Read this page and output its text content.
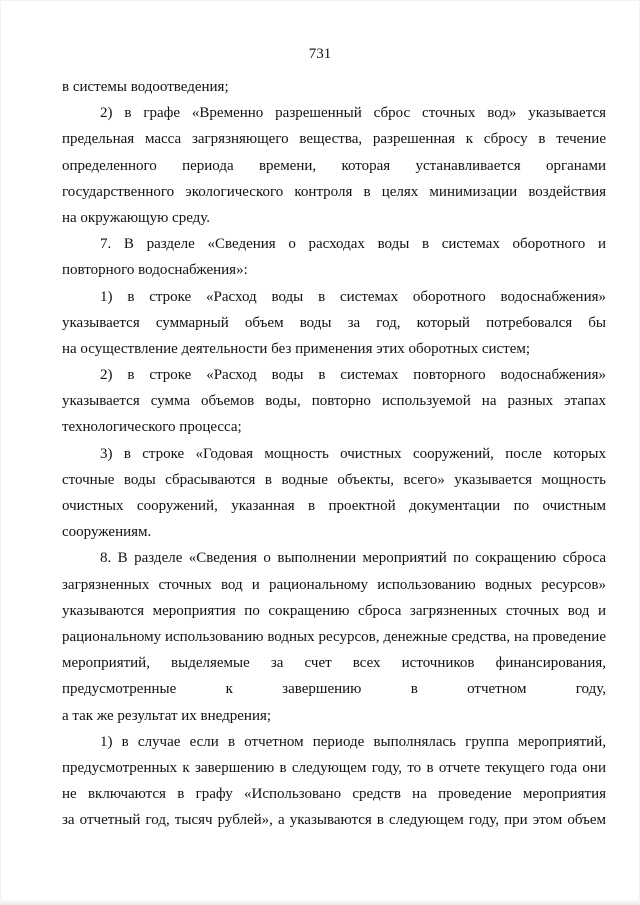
731
в системы водоотведения;
2) в графе «Временно разрешенный сброс сточных вод» указывается
предельная масса загрязняющего вещества, разрешенная к сбросу в течение
определенного периода времени, которая устанавливается органами
государственного экологического контроля в целях минимизации воздействия
на окружающую среду.
7. В разделе «Сведения о расходах воды в системах оборотного и
повторного водоснабжения»:
1) в строке «Расход воды в системах оборотного водоснабжения»
указывается суммарный объем воды за год, который потребовался бы
на осуществление деятельности без применения этих оборотных систем;
2) в строке «Расход воды в системах повторного водоснабжения»
указывается сумма объемов воды, повторно используемой на разных этапах
технологического процесса;
3) в строке «Годовая мощность очистных сооружений, после которых
сточные воды сбрасываются в водные объекты, всего» указывается мощность
очистных сооружений, указанная в проектной документации по очистным
сооружениям.
8. В разделе «Сведения о выполнении мероприятий по сокращению сброса
загрязненных сточных вод и рациональному использованию водных ресурсов»
указываются мероприятия по сокращению сброса загрязненных сточных вод и
рациональному использованию водных ресурсов, денежные средства, на проведение
мероприятий, выделяемые за счет всех источников финансирования,
предусмотренные к завершению в отчетном году,
а так же результат их внедрения;
1) в случае если в отчетном периоде выполнялась группа мероприятий,
предусмотренных к завершению в следующем году, то в отчете текущего года они
не включаются в графу «Использовано средств на проведение мероприятия
за отчетный год, тысяч рублей», а указываются в следующем году, при этом объем
